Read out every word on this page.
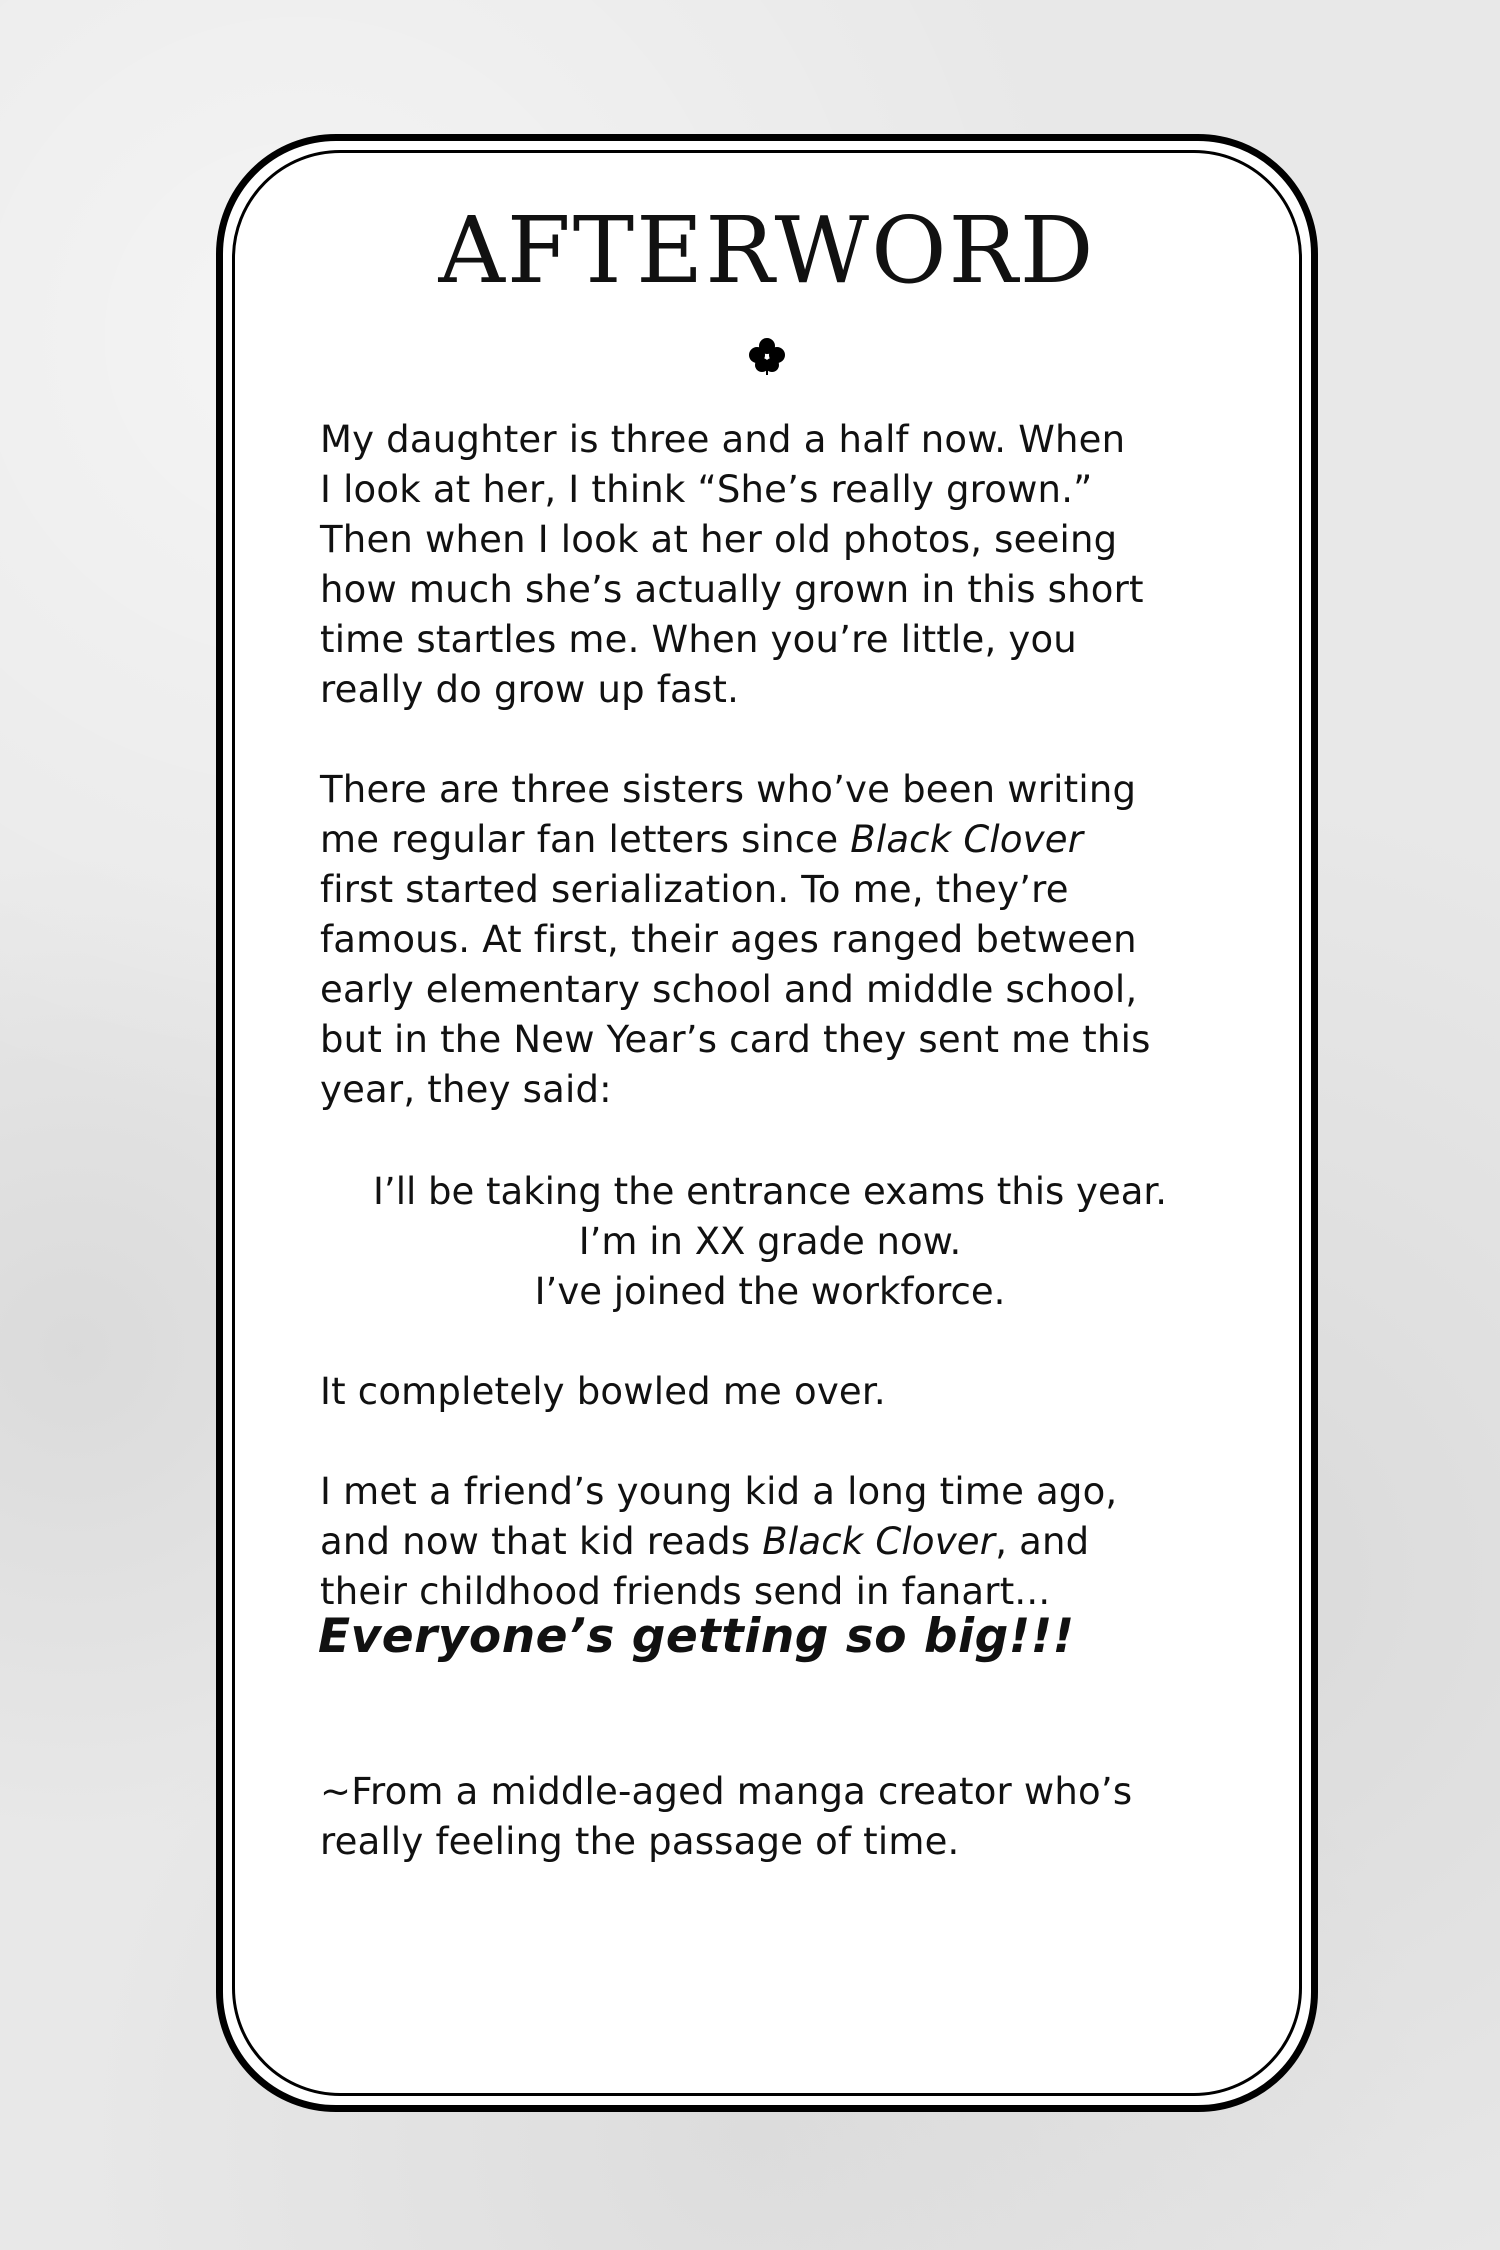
AFTERWORD
My daughter is three and a half now. When
I look at her, I think “She’s really grown.”
Then when I look at her old photos, seeing
how much she’s actually grown in this short
time startles me. When you’re little, you
really do grow up fast.
There are three sisters who’ve been writing
me regular fan letters since Black Clover
first started serialization. To me, they’re
famous. At first, their ages ranged between
early elementary school and middle school,
but in the New Year’s card they sent me this
year, they said:
I’ll be taking the entrance exams this year.
I’m in XX grade now.
I’ve joined the workforce.
It completely bowled me over.
I met a friend’s young kid a long time ago,
and now that kid reads Black Clover, and
their childhood friends send in fanart...
Everyone’s getting so big!!!
~From a middle-aged manga creator who’s
really feeling the passage of time.
